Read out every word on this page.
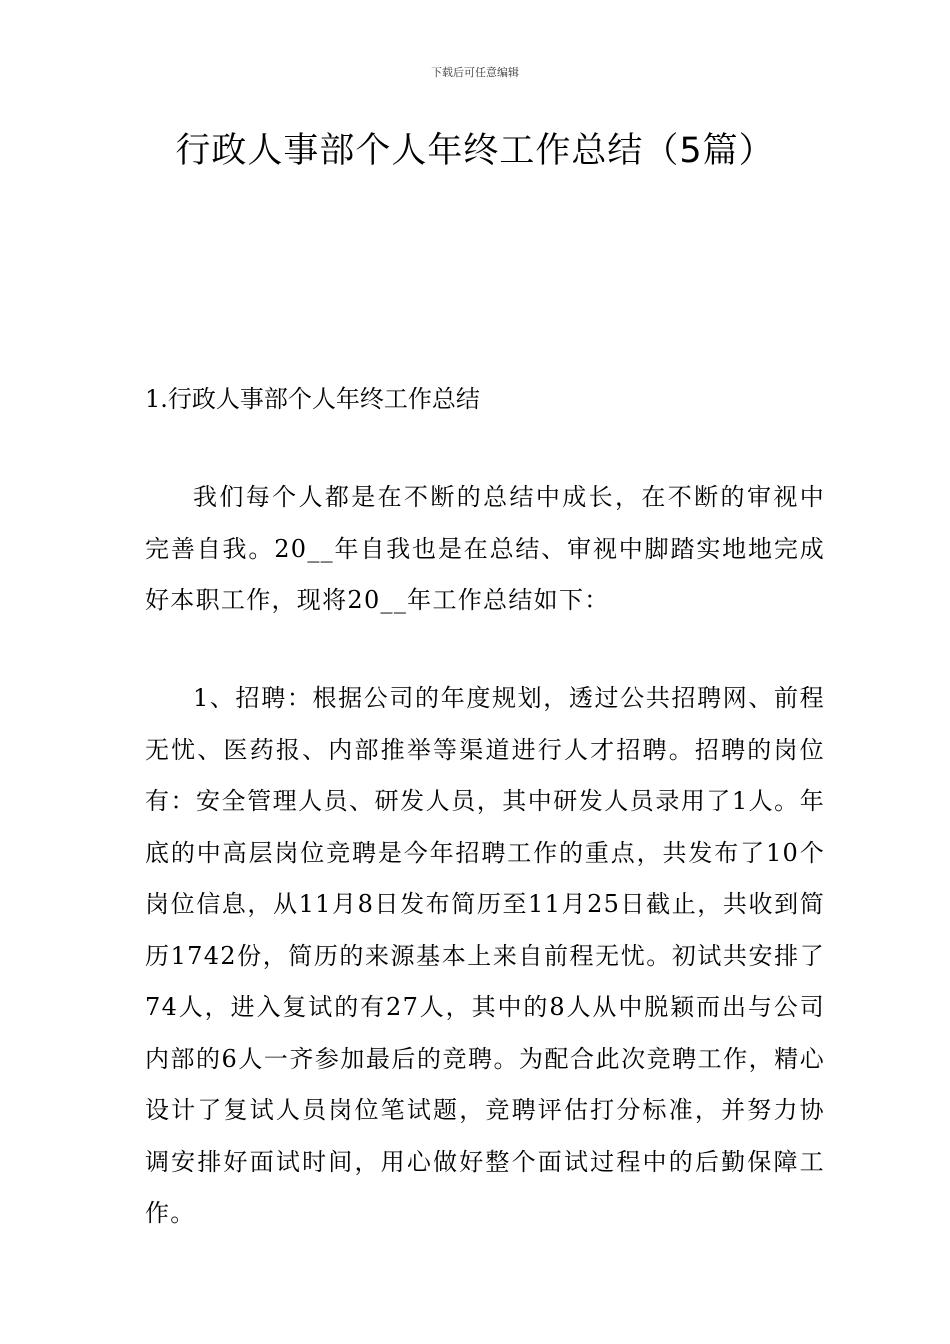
下载后可任意编辑
行政人事部个人年终工作总结（5篇）
1.行政人事部个人年终工作总结

我们每个人都是在不断的总结中成长，在不断的审视中完善自我。20__年自我也是在总结、审视中脚踏实地地完成好本职工作，现将20__年工作总结如下：

1、招聘：根据公司的年度规划，透过公共招聘网、前程无忧、医药报、内部推举等渠道进行人才招聘。招聘的岗位有：安全管理人员、研发人员，其中研发人员录用了1人。年底的中高层岗位竞聘是今年招聘工作的重点，共发布了10个岗位信息，从11月8日发布简历至11月25日截止，共收到简历1742份，简历的来源基本上来自前程无忧。初试共安排了74人，进入复试的有27人，其中的8人从中脱颖而出与公司内部的6人一齐参加最后的竞聘。为配合此次竞聘工作，精心设计了复试人员岗位笔试题，竞聘评估打分标准，并努力协调安排好面试时间，用心做好整个面试过程中的后勤保障工作。
